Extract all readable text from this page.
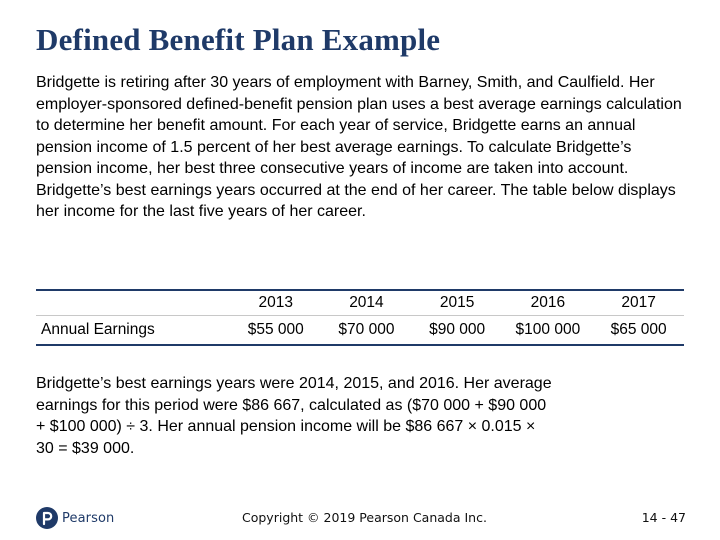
Defined Benefit Plan Example

Bridgette is retiring after 30 years of employment with Barney, Smith, and Caulfield. Her employer-sponsored defined-benefit pension plan uses a best average earnings calculation to determine her benefit amount. For each year of service, Bridgette earns an annual pension income of 1.5 percent of her best average earnings. To calculate Bridgette’s pension income, her best three consecutive years of income are taken into account. Bridgette’s best earnings years occurred at the end of her career. The table below displays her income for the last five years of her career.

	2013	2014	2015	2016	2017
Annual Earnings	$55 000	$70 000	$90 000	$100 000	$65 000

Bridgette’s best earnings years were 2014, 2015, and 2016. Her average earnings for this period were $86 667, calculated as ($70 000 + $90 000 + $100 000) ÷ 3. Her annual pension income will be $86 667 × 0.015 × 30 = $39 000.

Pearson	Copyright © 2019 Pearson Canada Inc.	14 - 47
